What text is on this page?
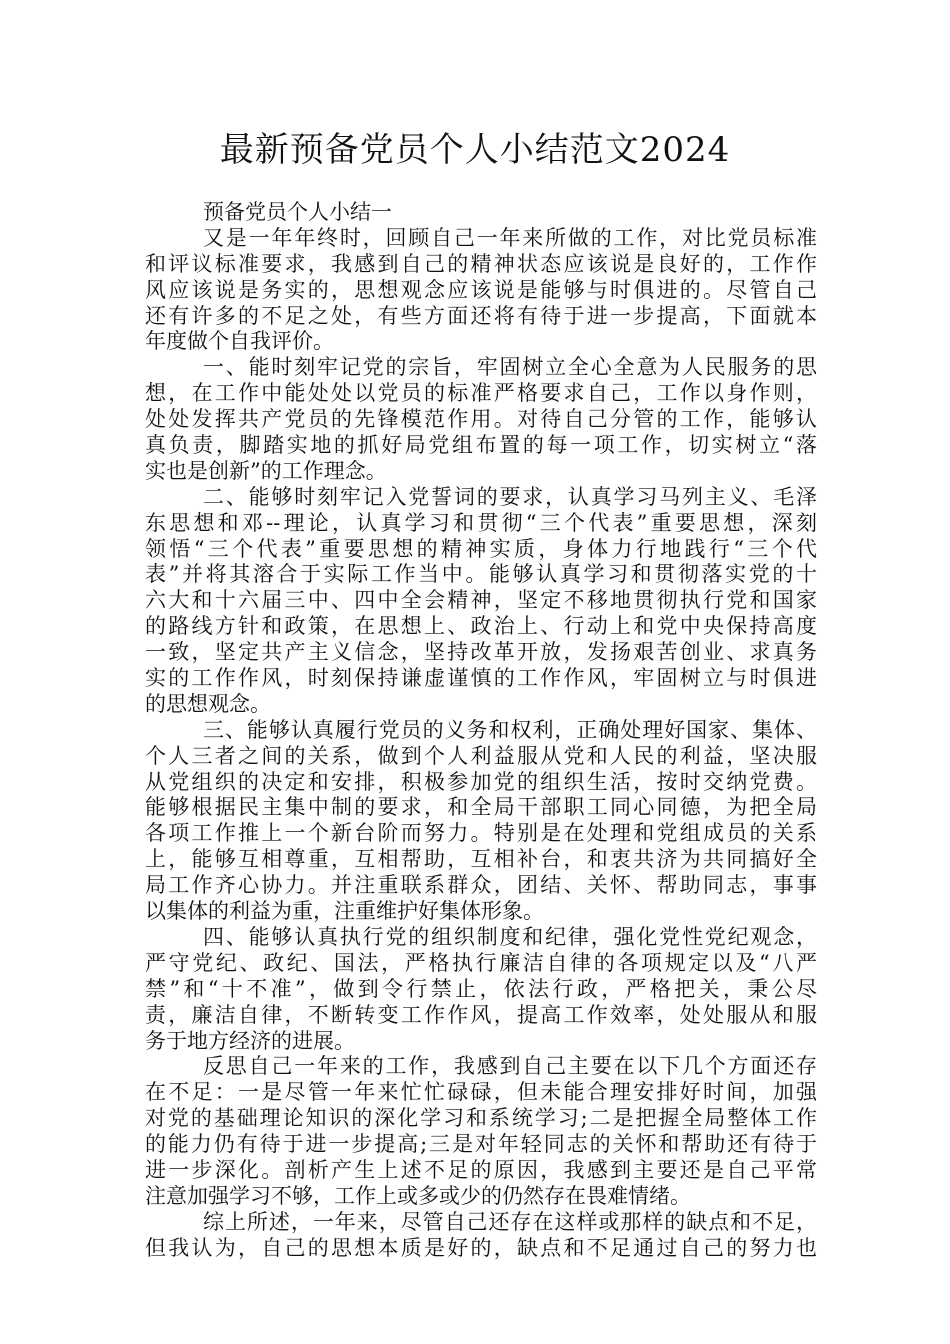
最新预备党员个人小结范文2024
预备党员个人小结一
又是一年年终时，回顾自己一年来所做的工作，对比党员标准
和评议标准要求，我感到自己的精神状态应该说是良好的，工作作
风应该说是务实的，思想观念应该说是能够与时俱进的。尽管自己
还有许多的不足之处，有些方面还将有待于进一步提高，下面就本
年度做个自我评价。
一、能时刻牢记党的宗旨，牢固树立全心全意为人民服务的思
想，在工作中能处处以党员的标准严格要求自己，工作以身作则，
处处发挥共产党员的先锋模范作用。对待自己分管的工作，能够认
真负责，脚踏实地的抓好局党组布置的每一项工作，切实树立“落
实也是创新”的工作理念。
二、能够时刻牢记入党誓词的要求，认真学习马列主义、毛泽
东思想和邓--理论，认真学习和贯彻“三个代表”重要思想，深刻
领悟“三个代表”重要思想的精神实质，身体力行地践行“三个代
表”并将其溶合于实际工作当中。能够认真学习和贯彻落实党的十
六大和十六届三中、四中全会精神，坚定不移地贯彻执行党和国家
的路线方针和政策，在思想上、政治上、行动上和党中央保持高度
一致，坚定共产主义信念，坚持改革开放，发扬艰苦创业、求真务
实的工作作风，时刻保持谦虚谨慎的工作作风，牢固树立与时俱进
的思想观念。
三、能够认真履行党员的义务和权利，正确处理好国家、集体、
个人三者之间的关系，做到个人利益服从党和人民的利益，坚决服
从党组织的决定和安排，积极参加党的组织生活，按时交纳党费。
能够根据民主集中制的要求，和全局干部职工同心同德，为把全局
各项工作推上一个新台阶而努力。特别是在处理和党组成员的关系
上，能够互相尊重，互相帮助，互相补台，和衷共济为共同搞好全
局工作齐心协力。并注重联系群众，团结、关怀、帮助同志，事事
以集体的利益为重，注重维护好集体形象。
四、能够认真执行党的组织制度和纪律，强化党性党纪观念，
严守党纪、政纪、国法，严格执行廉洁自律的各项规定以及“八严
禁”和“十不准”，做到令行禁止，依法行政，严格把关，秉公尽
责，廉洁自律，不断转变工作作风，提高工作效率，处处服从和服
务于地方经济的进展。
反思自己一年来的工作，我感到自己主要在以下几个方面还存
在不足：一是尽管一年来忙忙碌碌，但未能合理安排好时间，加强
对党的基础理论知识的深化学习和系统学习;二是把握全局整体工作
的能力仍有待于进一步提高;三是对年轻同志的关怀和帮助还有待于
进一步深化。剖析产生上述不足的原因，我感到主要还是自己平常
注意加强学习不够，工作上或多或少的仍然存在畏难情绪。
综上所述，一年来，尽管自己还存在这样或那样的缺点和不足，
但我认为，自己的思想本质是好的，缺点和不足通过自己的努力也
